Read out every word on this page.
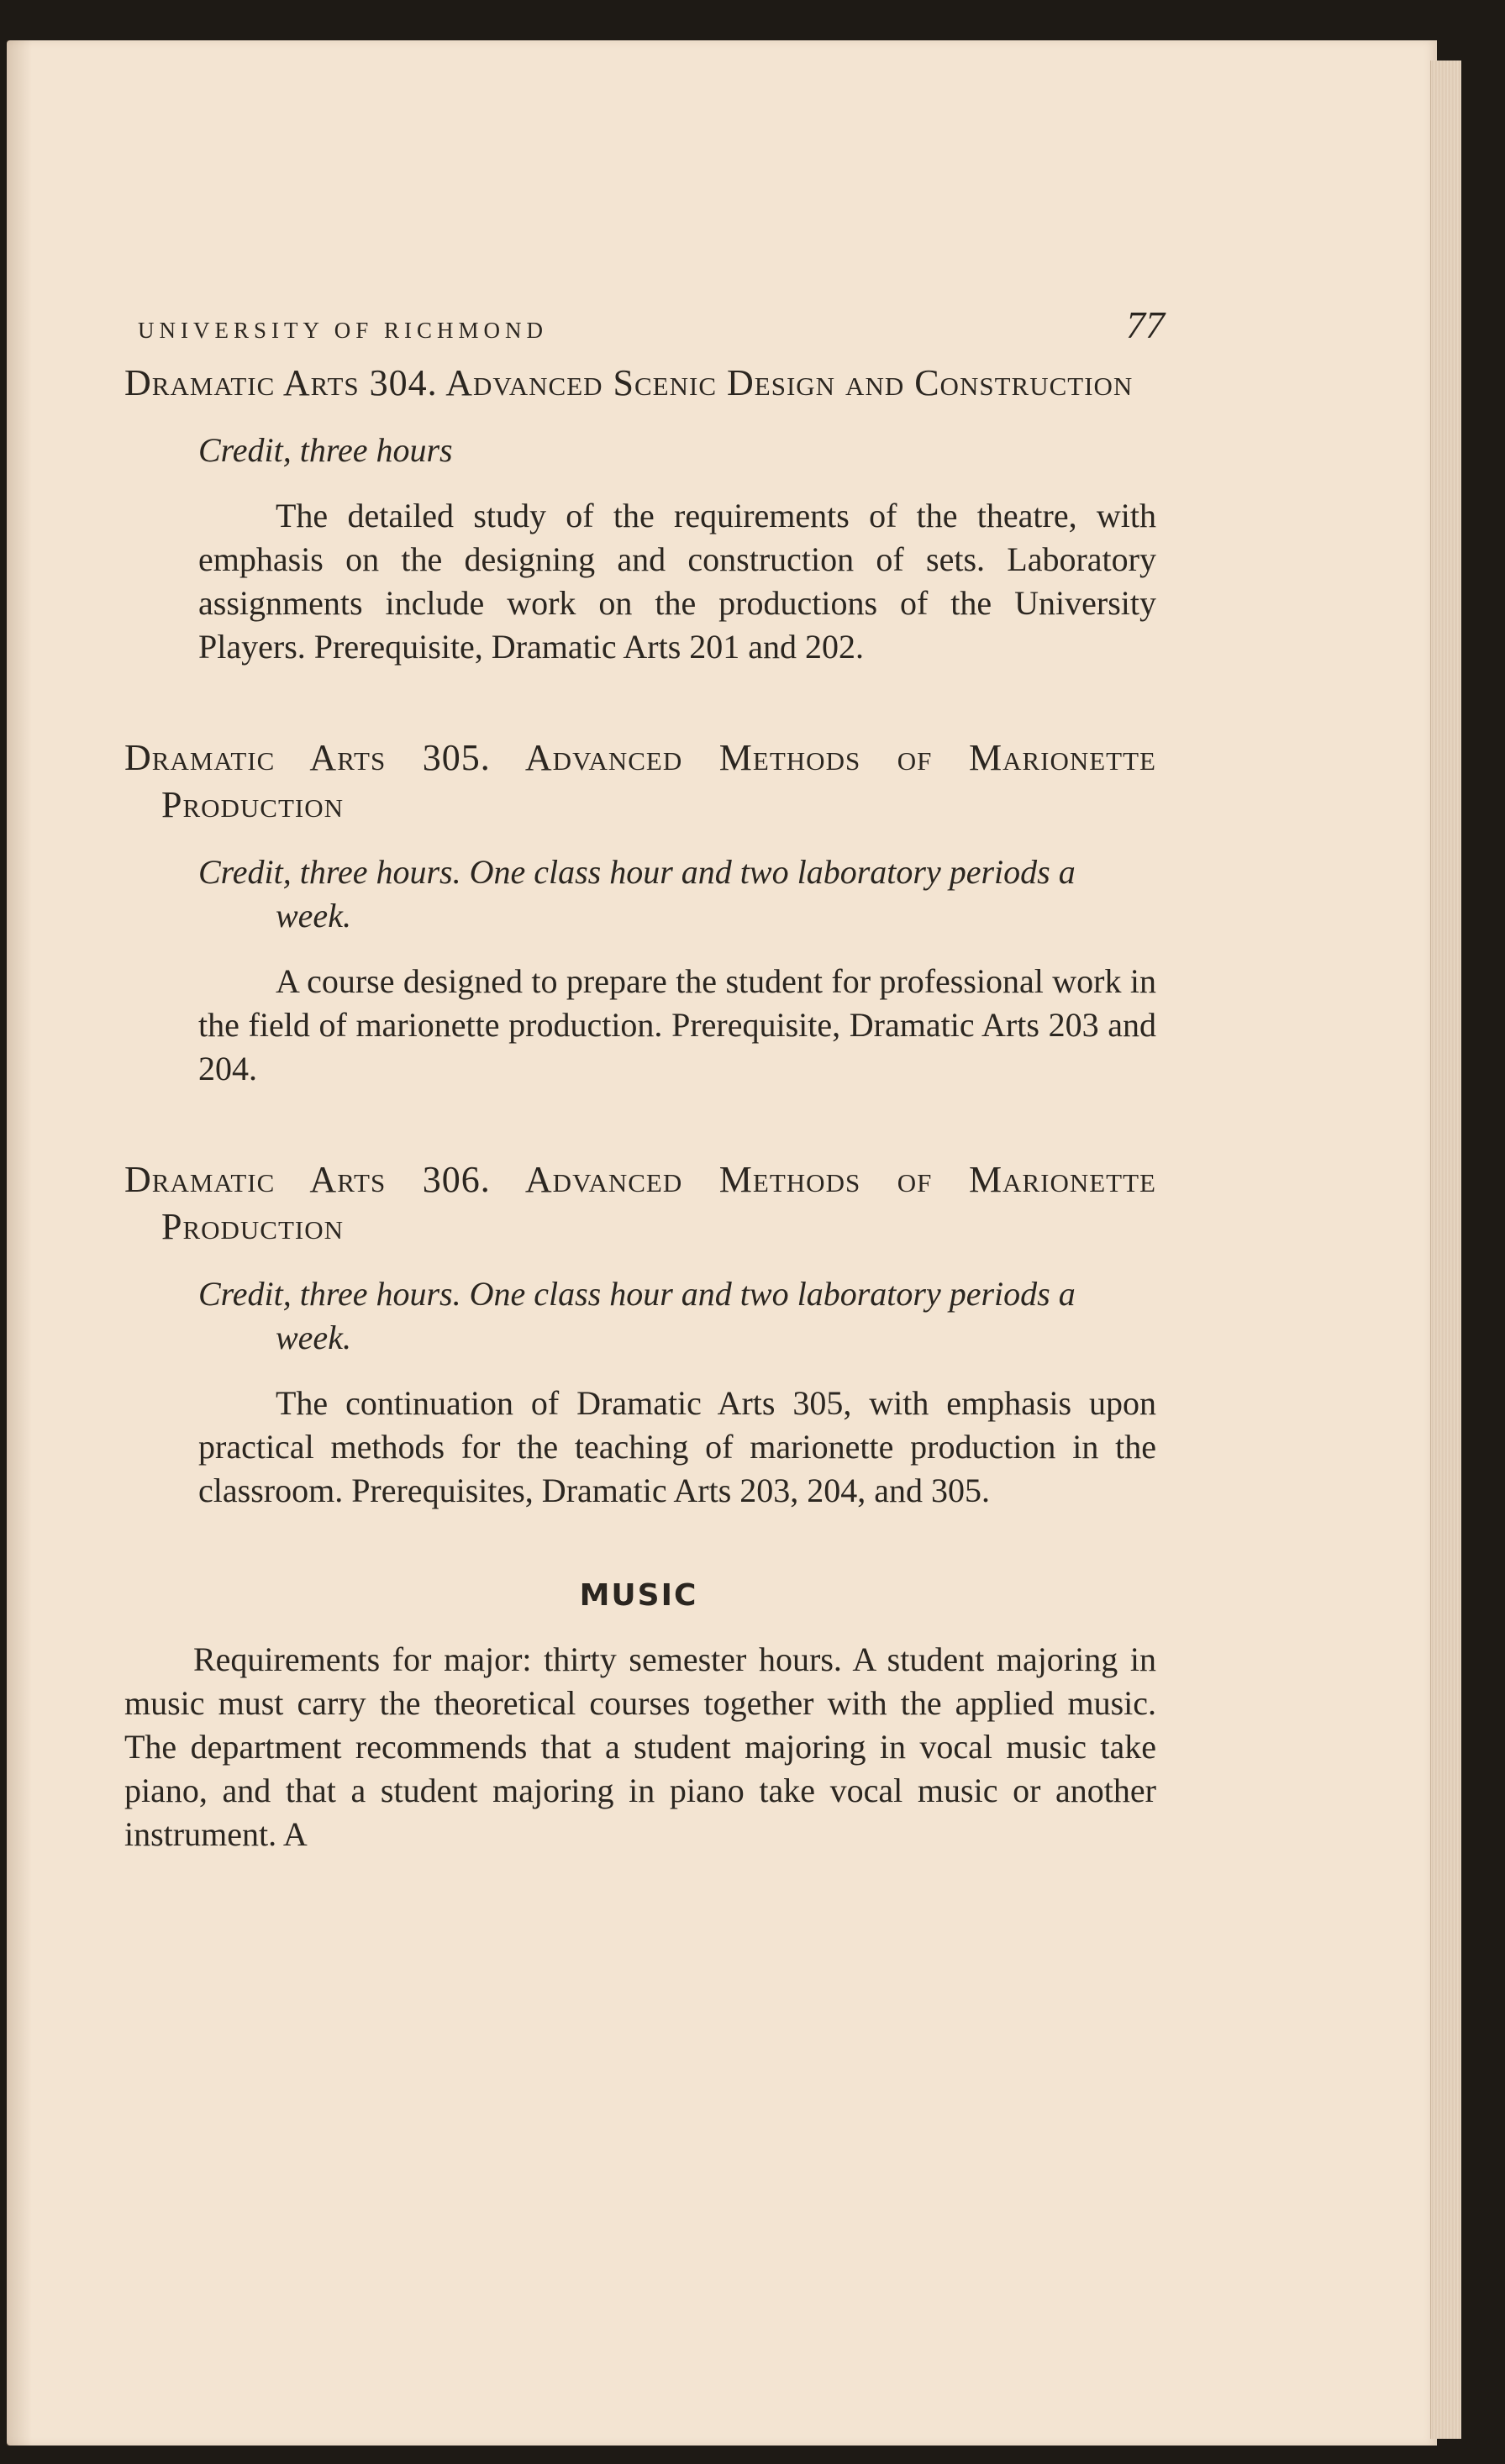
UNIVERSITY OF RICHMOND	77
Dramatic Arts 304. Advanced Scenic Design and Construction
Credit, three hours
The detailed study of the requirements of the theatre, with emphasis on the designing and construction of sets. Laboratory assignments include work on the productions of the University Players. Prerequisite, Dramatic Arts 201 and 202.
Dramatic Arts 305. Advanced Methods of Marionette Production
Credit, three hours. One class hour and two laboratory periods a week.
A course designed to prepare the student for professional work in the field of marionette production. Prerequisite, Dramatic Arts 203 and 204.
Dramatic Arts 306. Advanced Methods of Marionette Production
Credit, three hours. One class hour and two laboratory periods a week.
The continuation of Dramatic Arts 305, with emphasis upon practical methods for the teaching of marionette production in the classroom. Prerequisites, Dramatic Arts 203, 204, and 305.
MUSIC
Requirements for major: thirty semester hours. A student majoring in music must carry the theoretical courses together with the applied music. The department recommends that a student majoring in vocal music take piano, and that a student majoring in piano take vocal music or another instrument. A
